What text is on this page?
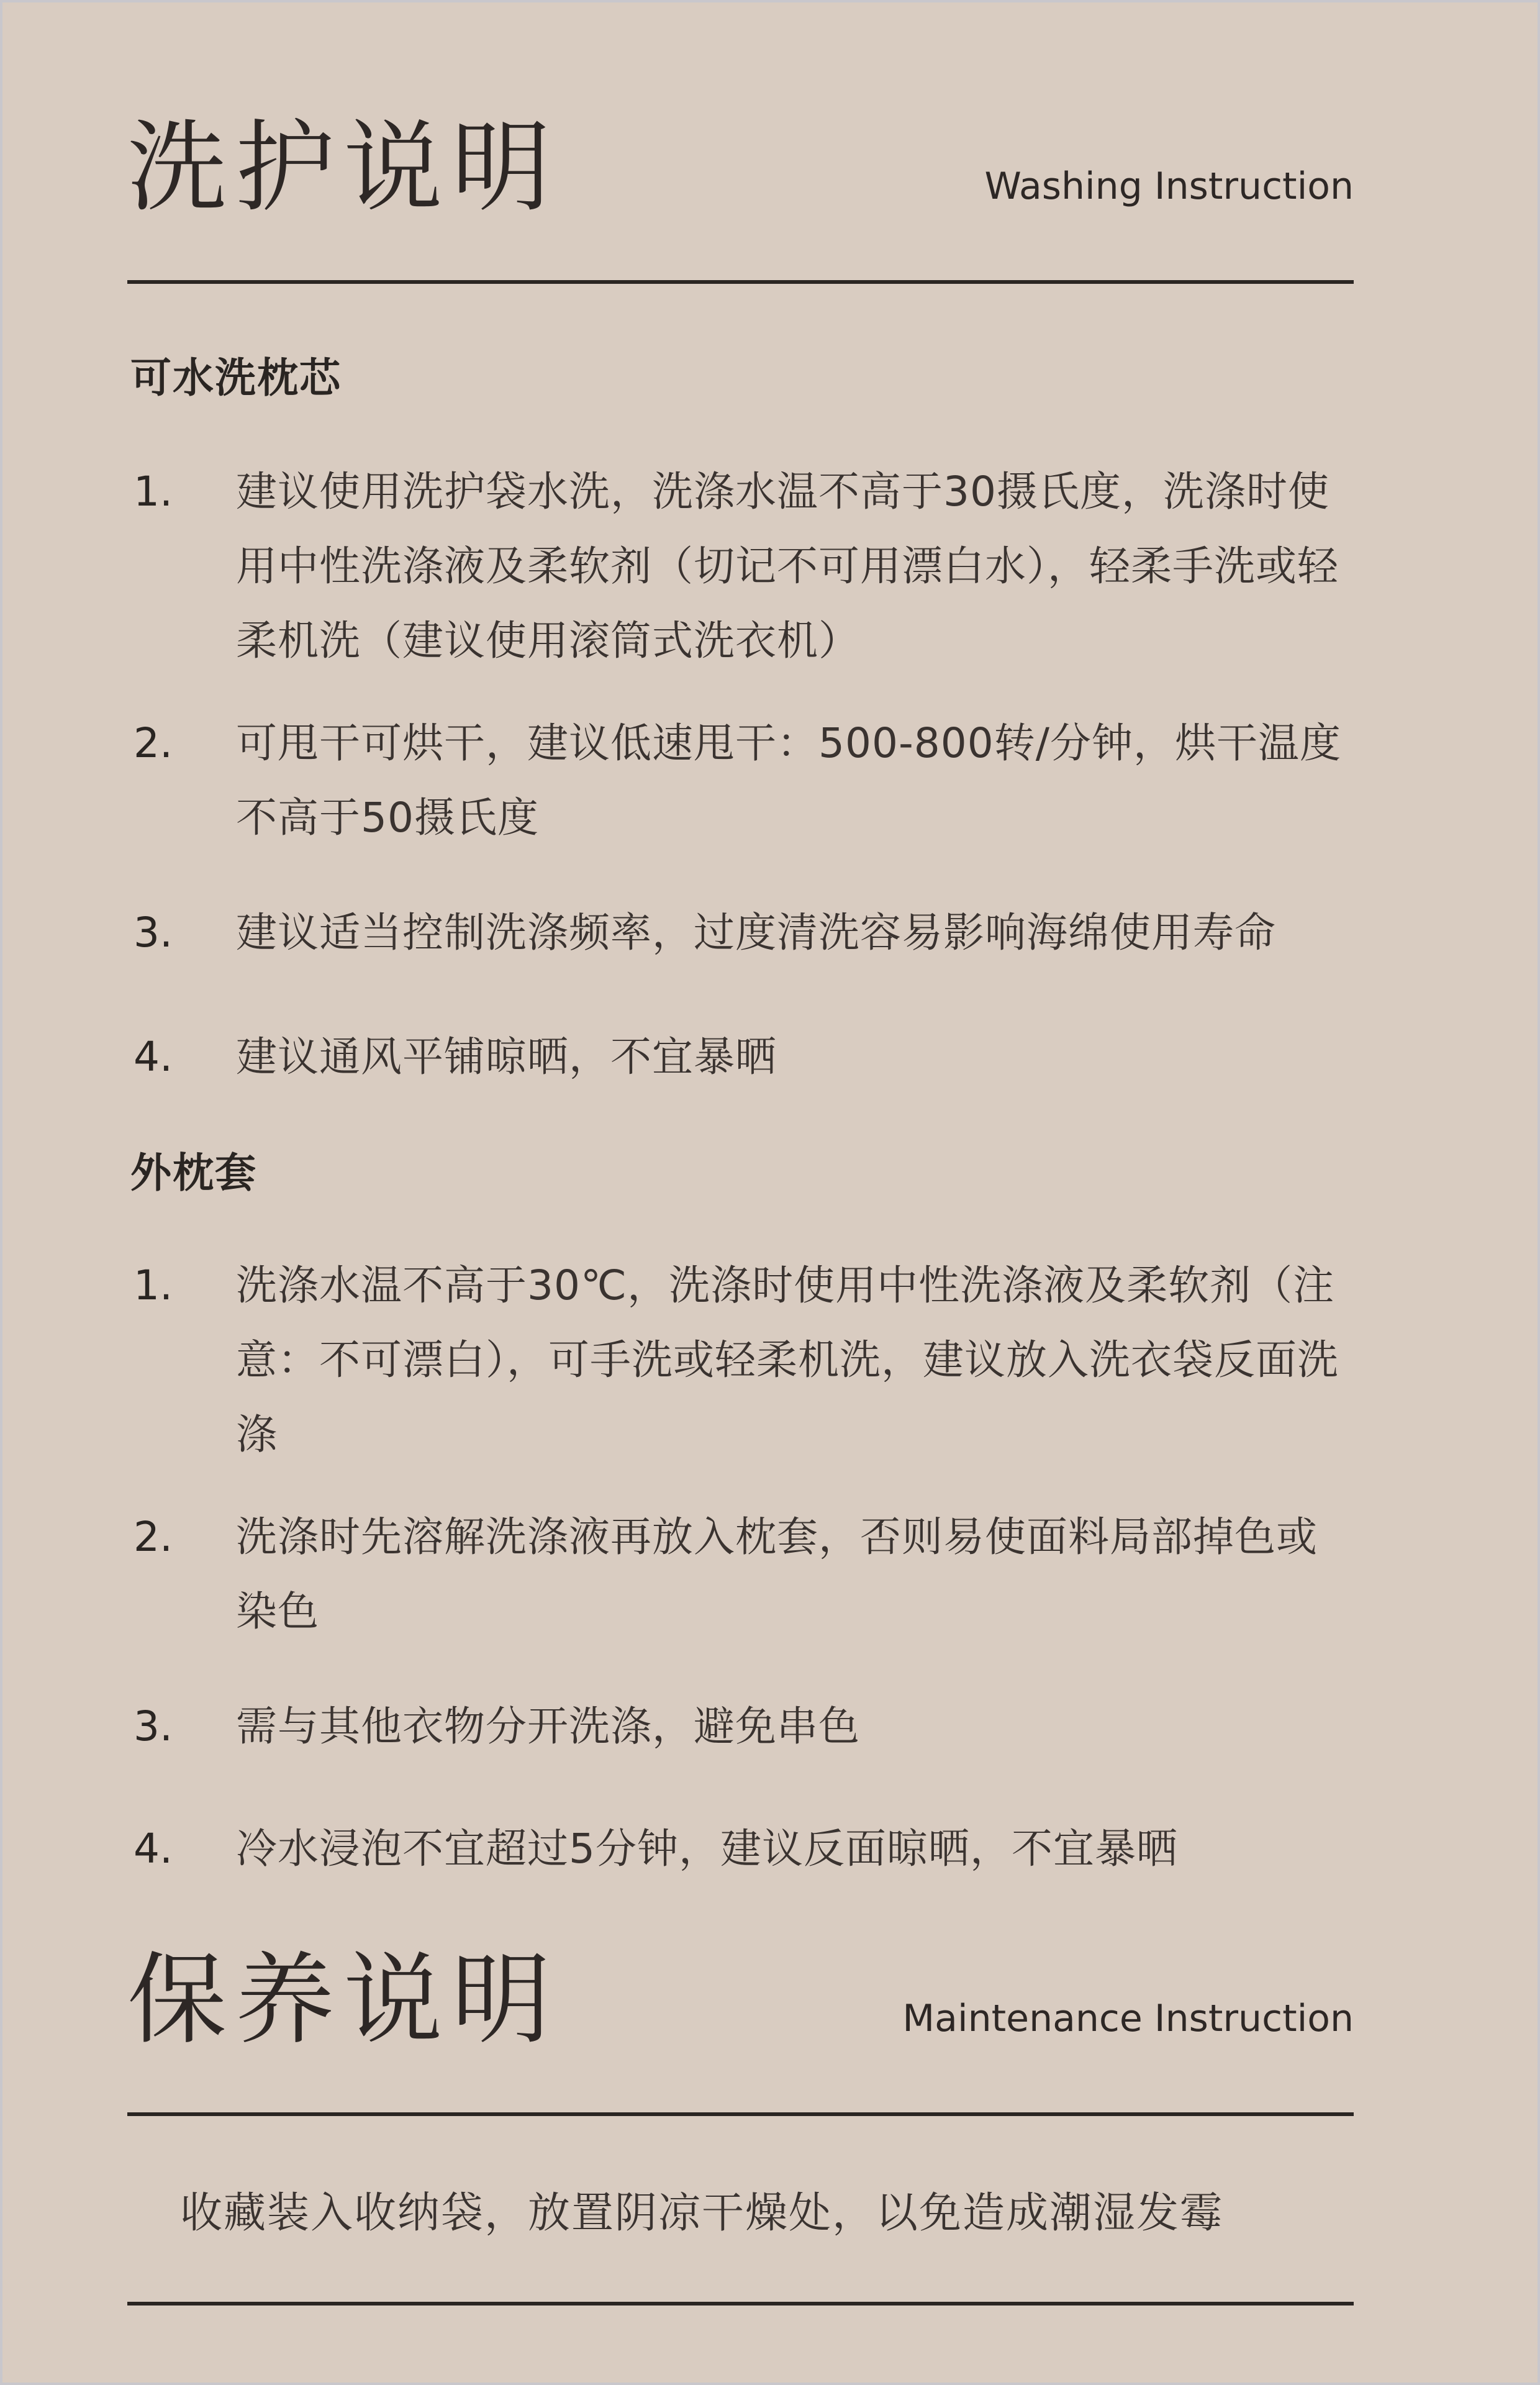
洗护说明	Washing Instruction
可水洗枕芯
1.	建议使用洗护袋水洗，洗涤水温不高于30摄氏度，洗涤时使用中性洗涤液及柔软剂（切记不可用漂白水），轻柔手洗或轻柔机洗（建议使用滚筒式洗衣机）
2.	可甩干可烘干，建议低速甩干：500-800转/分钟，烘干温度不高于50摄氏度
3.	建议适当控制洗涤频率，过度清洗容易影响海绵使用寿命
4.	建议通风平铺晾晒，不宜暴晒
外枕套
1.	洗涤水温不高于30℃，洗涤时使用中性洗涤液及柔软剂（注意：不可漂白），可手洗或轻柔机洗，建议放入洗衣袋反面洗涤
2.	洗涤时先溶解洗涤液再放入枕套，否则易使面料局部掉色或染色
3.	需与其他衣物分开洗涤，避免串色
4.	冷水浸泡不宜超过5分钟，建议反面晾晒，不宜暴晒
保养说明	Maintenance Instruction
收藏装入收纳袋，放置阴凉干燥处，以免造成潮湿发霉
